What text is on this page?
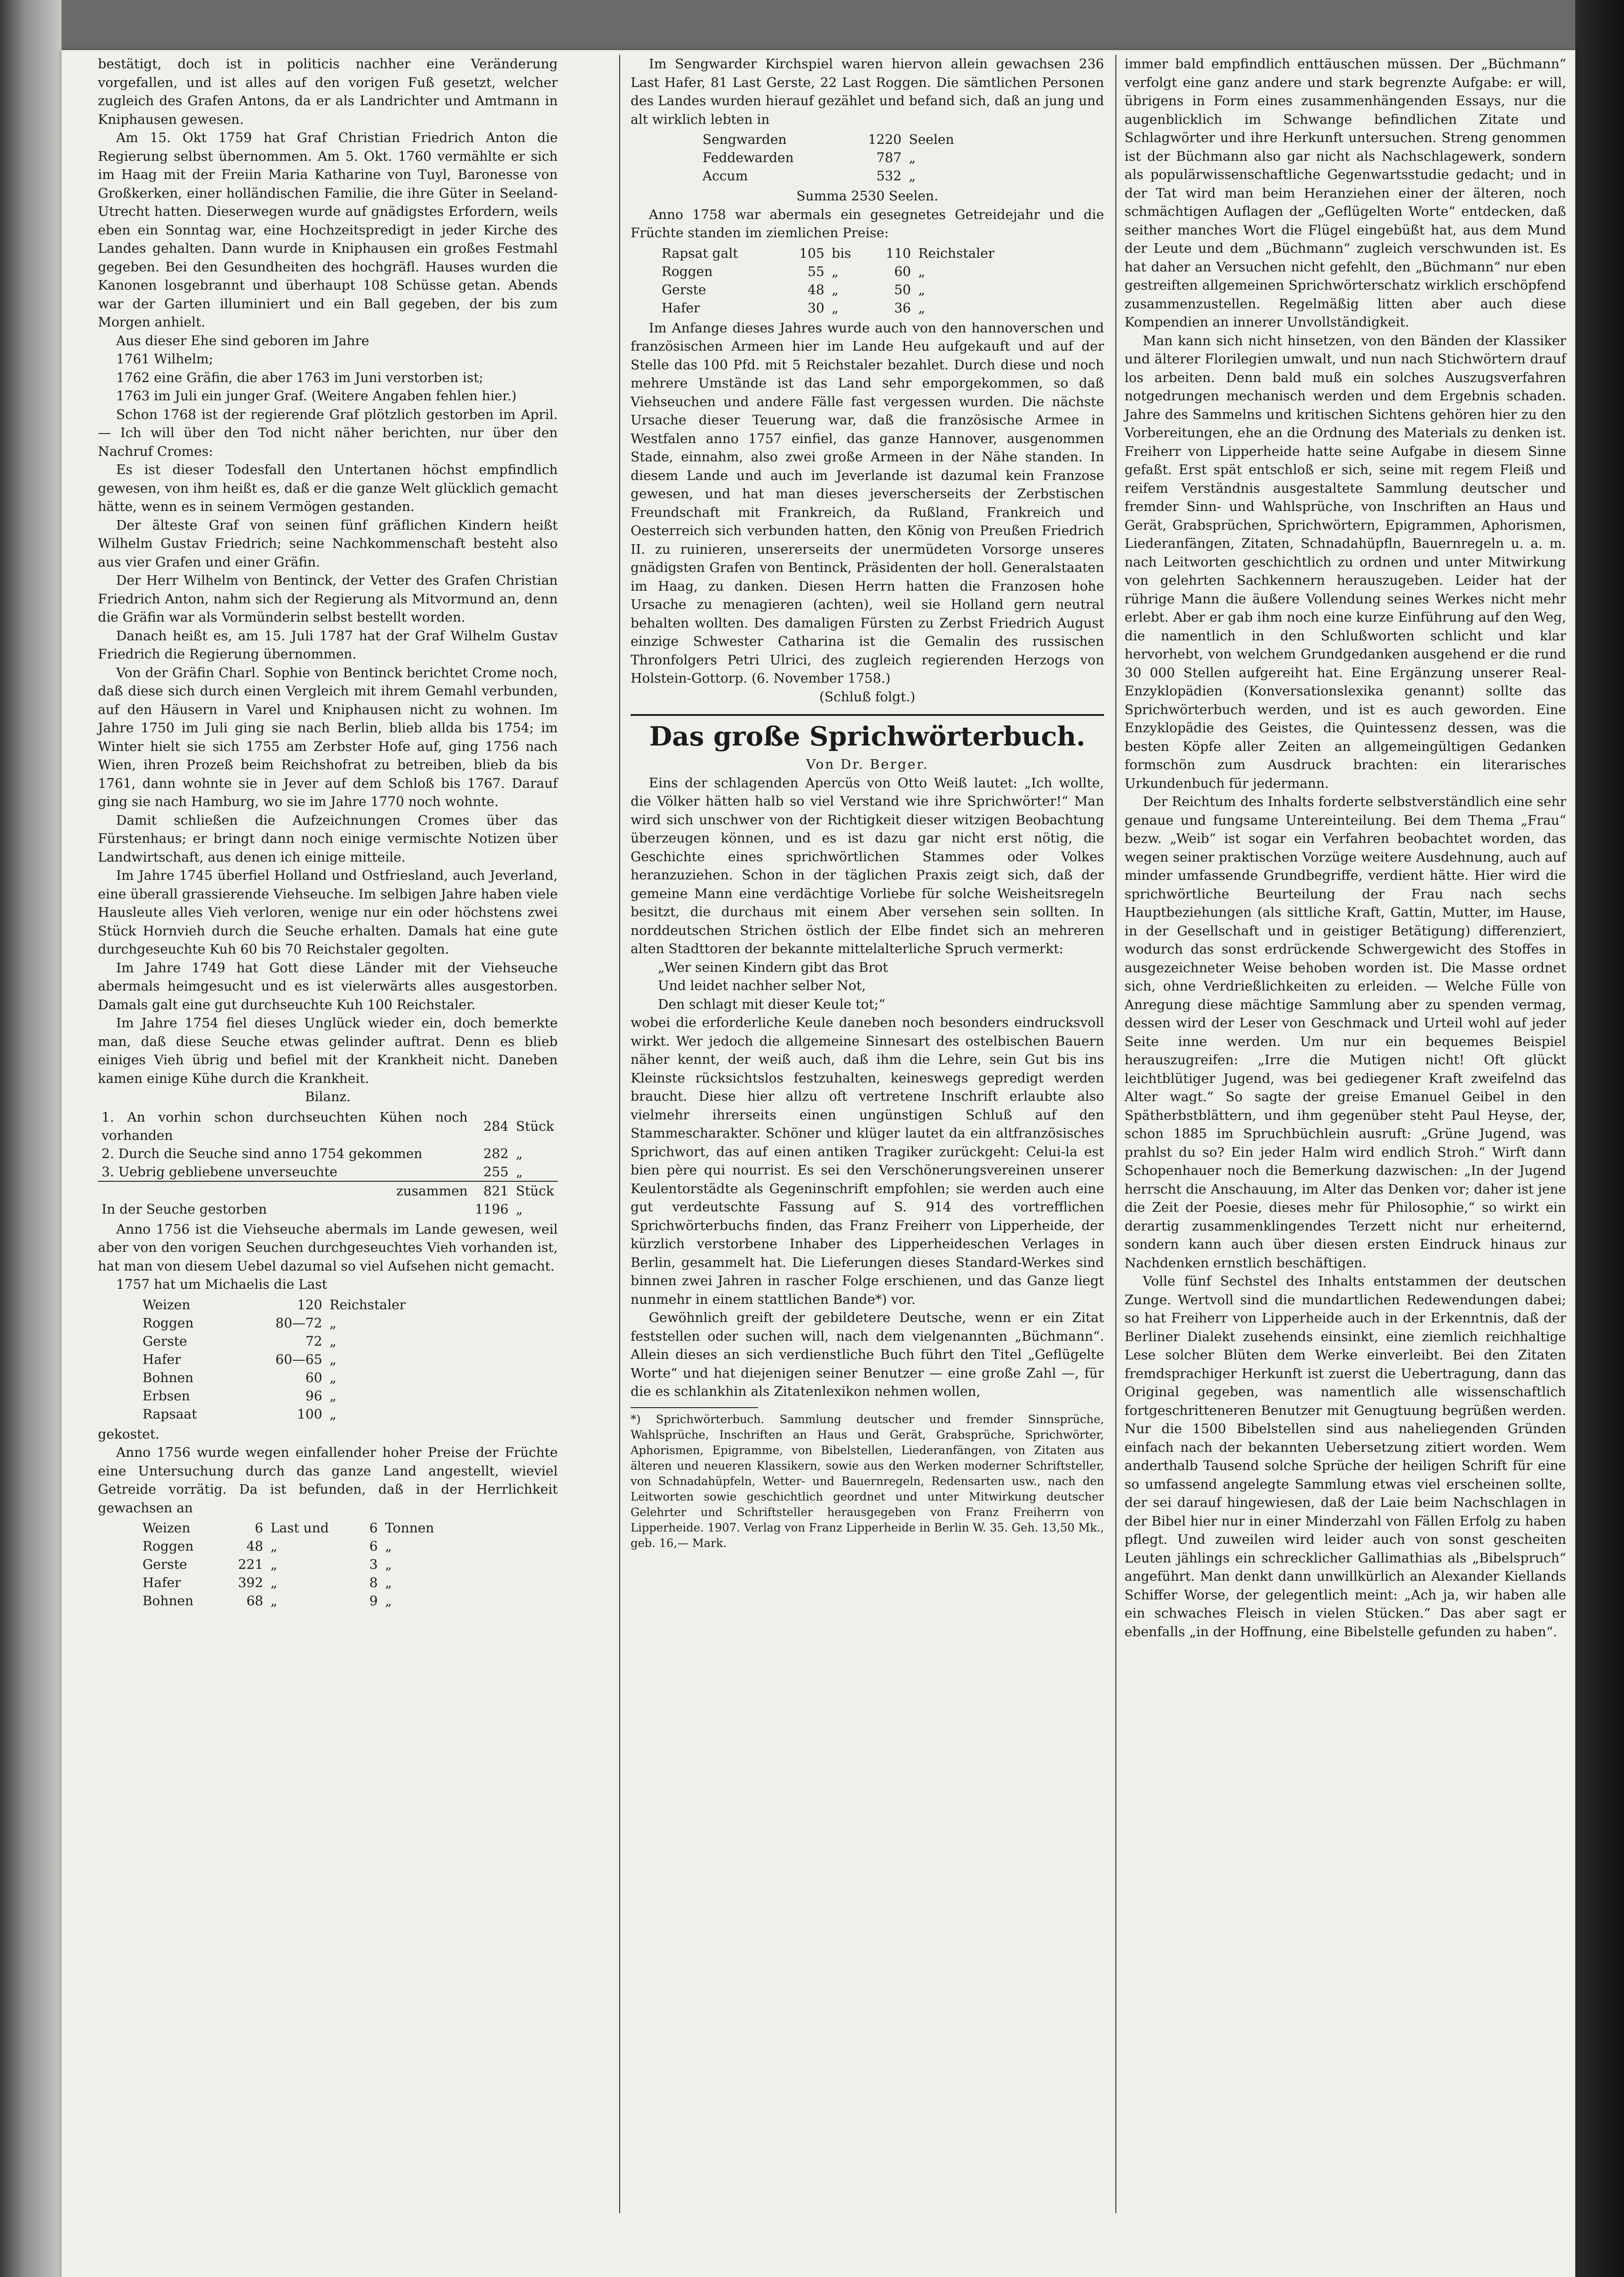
bestätigt, doch ist in politicis nachher eine Veränderung vorgefallen, und ist alles auf den vorigen Fuß gesetzt, welcher zugleich des Grafen Antons, da er als Landrichter und Amtmann in Kniphausen gewesen.

Am 15. Okt 1759 hat Graf Christian Friedrich Anton die Regierung selbst übernommen. Am 5. Okt. 1760 vermählte er sich im Haag mit der Freiin Maria Katharine von Tuyl, Baronesse von Großkerken, einer holländischen Familie, die ihre Güter in Seeland-Utrecht hatten. Dieserwegen wurde auf gnädigstes Erfordern, weils eben ein Sonntag war, eine Hochzeitspredigt in jeder Kirche des Landes gehalten. Dann wurde in Kniphausen ein großes Festmahl gegeben. Bei den Gesundheiten des hochgräfl. Hauses wurden die Kanonen losgebrannt und überhaupt 108 Schüsse getan. Abends war der Garten illuminiert und ein Ball gegeben, der bis zum Morgen anhielt.

Aus dieser Ehe sind geboren im Jahre

1761 Wilhelm;

1762 eine Gräfin, die aber 1763 im Juni verstorben ist;

1763 im Juli ein junger Graf. (Weitere Angaben fehlen hier.)

Schon 1768 ist der regierende Graf plötzlich gestorben im April. — Ich will über den Tod nicht näher berichten, nur über den Nachruf Cromes:

Es ist dieser Todesfall den Untertanen höchst empfindlich gewesen, von ihm heißt es, daß er die ganze Welt glücklich gemacht hätte, wenn es in seinem Vermögen gestanden.

Der älteste Graf von seinen fünf gräflichen Kindern heißt Wilhelm Gustav Friedrich; seine Nachkommenschaft besteht also aus vier Grafen und einer Gräfin.

Der Herr Wilhelm von Bentinck, der Vetter des Grafen Christian Friedrich Anton, nahm sich der Regierung als Mitvormund an, denn die Gräfin war als Vormünderin selbst bestellt worden.

Danach heißt es, am 15. Juli 1787 hat der Graf Wilhelm Gustav Friedrich die Regierung übernommen.

Von der Gräfin Charl. Sophie von Bentinck berichtet Crome noch, daß diese sich durch einen Vergleich mit ihrem Gemahl verbunden, auf den Häusern in Varel und Kniphausen nicht zu wohnen. Im Jahre 1750 im Juli ging sie nach Berlin, blieb allda bis 1754; im Winter hielt sie sich 1755 am Zerbster Hofe auf, ging 1756 nach Wien, ihren Prozeß beim Reichshofrat zu betreiben, blieb da bis 1761, dann wohnte sie in Jever auf dem Schloß bis 1767. Darauf ging sie nach Hamburg, wo sie im Jahre 1770 noch wohnte.

Damit schließen die Aufzeichnungen Cromes über das Fürstenhaus; er bringt dann noch einige vermischte Notizen über Landwirtschaft, aus denen ich einige mitteile.

Im Jahre 1745 überfiel Holland und Ostfriesland, auch Jeverland, eine überall grassierende Viehseuche. Im selbigen Jahre haben viele Hausleute alles Vieh verloren, wenige nur ein oder höchstens zwei Stück Hornvieh durch die Seuche erhalten. Damals hat eine gute durchgeseuchte Kuh 60 bis 70 Reichstaler gegolten.

Im Jahre 1749 hat Gott diese Länder mit der Viehseuche abermals heimgesucht und es ist vielerwärts alles ausgestorben. Damals galt eine gut durchseuchte Kuh 100 Reichstaler.

Im Jahre 1754 fiel dieses Unglück wieder ein, doch bemerkte man, daß diese Seuche etwas gelinder auftrat. Denn es blieb einiges Vieh übrig und befiel mit der Krankheit nicht. Daneben kamen einige Kühe durch die Krankheit.

Bilanz.

1. An vorhin schon durchseuchten Kühen noch vorhanden	284	Stück
2. Durch die Seuche sind anno 1754 gekommen	282	„
3. Uebrig gebliebene unverseuchte	255	„
zusammen	821	Stück
In der Seuche gestorben	1196	„

Anno 1756 ist die Viehseuche abermals im Lande gewesen, weil aber von den vorigen Seuchen durchgeseuchtes Vieh vorhanden ist, hat man von diesem Uebel dazumal so viel Aufsehen nicht gemacht.

1757 hat um Michaelis die Last

Weizen	120	Reichstaler
Roggen	80—72	„
Gerste	72	„
Hafer	60—65	„
Bohnen	60	„
Erbsen	96	„
Rapsaat	100	„

gekostet.

Anno 1756 wurde wegen einfallender hoher Preise der Früchte eine Untersuchung durch das ganze Land angestellt, wieviel Getreide vorrätig. Da ist befunden, daß in der Herrlichkeit gewachsen an

Weizen	6	Last und	6	Tonnen
Roggen	48	„	6	„
Gerste	221	„	3	„
Hafer	392	„	8	„
Bohnen	68	„	9	„

Im Sengwarder Kirchspiel waren hiervon allein gewachsen 236 Last Hafer, 81 Last Gerste, 22 Last Roggen. Die sämtlichen Personen des Landes wurden hierauf gezählet und befand sich, daß an jung und alt wirklich lebten in

Sengwarden	1220	Seelen
Feddewarden	787	„
Accum	532	„

Summa 2530 Seelen.

Anno 1758 war abermals ein gesegnetes Getreidejahr und die Früchte standen im ziemlichen Preise:

Rapsat galt	105	bis	110	Reichstaler
Roggen	55	„	60	„
Gerste	48	„	50	„
Hafer	30	„	36	„

Im Anfange dieses Jahres wurde auch von den hannoverschen und französischen Armeen hier im Lande Heu aufgekauft und auf der Stelle das 100 Pfd. mit 5 Reichstaler bezahlet. Durch diese und noch mehrere Umstände ist das Land sehr emporgekommen, so daß Viehseuchen und andere Fälle fast vergessen wurden. Die nächste Ursache dieser Teuerung war, daß die französische Armee in Westfalen anno 1757 einfiel, das ganze Hannover, ausgenommen Stade, einnahm, also zwei große Armeen in der Nähe standen. In diesem Lande und auch im Jeverlande ist dazumal kein Franzose gewesen, und hat man dieses jeverscherseits der Zerbstischen Freundschaft mit Frankreich, da Rußland, Frankreich und Oesterreich sich verbunden hatten, den König von Preußen Friedrich II. zu ruinieren, unsererseits der unermüdeten Vorsorge unseres gnädigsten Grafen von Bentinck, Präsidenten der holl. Generalstaaten im Haag, zu danken. Diesen Herrn hatten die Franzosen hohe Ursache zu menagieren (achten), weil sie Holland gern neutral behalten wollten. Des damaligen Fürsten zu Zerbst Friedrich August einzige Schwester Catharina ist die Gemalin des russischen Thronfolgers Petri Ulrici, des zugleich regierenden Herzogs von Holstein-Gottorp. (6. November 1758.)

(Schluß folgt.)

Das große Sprichwörterbuch.

Von Dr. Berger.

Eins der schlagenden Apercüs von Otto Weiß lautet: „Ich wollte, die Völker hätten halb so viel Verstand wie ihre Sprichwörter!“ Man wird sich unschwer von der Richtigkeit dieser witzigen Beobachtung überzeugen können, und es ist dazu gar nicht erst nötig, die Geschichte eines sprichwörtlichen Stammes oder Volkes heranzuziehen. Schon in der täglichen Praxis zeigt sich, daß der gemeine Mann eine verdächtige Vorliebe für solche Weisheitsregeln besitzt, die durchaus mit einem Aber versehen sein sollten. In norddeutschen Strichen östlich der Elbe findet sich an mehreren alten Stadttoren der bekannte mittelalterliche Spruch vermerkt:

„Wer seinen Kindern gibt das Brot

Und leidet nachher selber Not,

Den schlagt mit dieser Keule tot;“

wobei die erforderliche Keule daneben noch besonders eindrucksvoll wirkt. Wer jedoch die allgemeine Sinnesart des ostelbischen Bauern näher kennt, der weiß auch, daß ihm die Lehre, sein Gut bis ins Kleinste rücksichtslos festzuhalten, keineswegs gepredigt werden braucht. Diese hier allzu oft vertretene Inschrift erlaubte also vielmehr ihrerseits einen ungünstigen Schluß auf den Stammescharakter. Schöner und klüger lautet da ein altfranzösisches Sprichwort, das auf einen antiken Tragiker zurückgeht: Celui-la est bien père qui nourrist. Es sei den Verschönerungsvereinen unserer Keulentorstädte als Gegeninschrift empfohlen; sie werden auch eine gut verdeutschte Fassung auf S. 914 des vortrefflichen Sprichwörterbuchs finden, das Franz Freiherr von Lipperheide, der kürzlich verstorbene Inhaber des Lipperheideschen Verlages in Berlin, gesammelt hat. Die Lieferungen dieses Standard-Werkes sind binnen zwei Jahren in rascher Folge erschienen, und das Ganze liegt nunmehr in einem stattlichen Bande*) vor.

Gewöhnlich greift der gebildetere Deutsche, wenn er ein Zitat feststellen oder suchen will, nach dem vielgenannten „Büchmann“. Allein dieses an sich verdienstliche Buch führt den Titel „Geflügelte Worte“ und hat diejenigen seiner Benutzer — eine große Zahl —, für die es schlankhin als Zitatenlexikon nehmen wollen,

*) Sprichwörterbuch. Sammlung deutscher und fremder Sinnsprüche, Wahlsprüche, Inschriften an Haus und Gerät, Grabsprüche, Sprichwörter, Aphorismen, Epigramme, von Bibelstellen, Liederanfängen, von Zitaten aus älteren und neueren Klassikern, sowie aus den Werken moderner Schriftsteller, von Schnadahüpfeln, Wetter- und Bauernregeln, Redensarten usw., nach den Leitworten sowie geschichtlich geordnet und unter Mitwirkung deutscher Gelehrter und Schriftsteller herausgegeben von Franz Freiherrn von Lipperheide. 1907. Verlag von Franz Lipperheide in Berlin W. 35. Geh. 13,50 Mk., geb. 16,— Mark.

immer bald empfindlich enttäuschen müssen. Der „Büchmann“ verfolgt eine ganz andere und stark begrenzte Aufgabe: er will, übrigens in Form eines zusammenhängenden Essays, nur die augenblicklich im Schwange befindlichen Zitate und Schlagwörter und ihre Herkunft untersuchen. Streng genommen ist der Büchmann also gar nicht als Nachschlagewerk, sondern als populärwissenschaftliche Gegenwartsstudie gedacht; und in der Tat wird man beim Heranziehen einer der älteren, noch schmächtigen Auflagen der „Geflügelten Worte“ entdecken, daß seither manches Wort die Flügel eingebüßt hat, aus dem Mund der Leute und dem „Büchmann“ zugleich verschwunden ist. Es hat daher an Versuchen nicht gefehlt, den „Büchmann“ nur eben gestreiften allgemeinen Sprichwörterschatz wirklich erschöpfend zusammenzustellen. Regelmäßig litten aber auch diese Kompendien an innerer Unvollständigkeit.

Man kann sich nicht hinsetzen, von den Bänden der Klassiker und älterer Florilegien umwalt, und nun nach Stichwörtern drauf los arbeiten. Denn bald muß ein solches Auszugsverfahren notgedrungen mechanisch werden und dem Ergebnis schaden. Jahre des Sammelns und kritischen Sichtens gehören hier zu den Vorbereitungen, ehe an die Ordnung des Materials zu denken ist. Freiherr von Lipperheide hatte seine Aufgabe in diesem Sinne gefaßt. Erst spät entschloß er sich, seine mit regem Fleiß und reifem Verständnis ausgestaltete Sammlung deutscher und fremder Sinn- und Wahlsprüche, von Inschriften an Haus und Gerät, Grabsprüchen, Sprichwörtern, Epigrammen, Aphorismen, Liederanfängen, Zitaten, Schnadahüpfln, Bauernregeln u. a. m. nach Leitworten geschichtlich zu ordnen und unter Mitwirkung von gelehrten Sachkennern herauszugeben. Leider hat der rührige Mann die äußere Vollendung seines Werkes nicht mehr erlebt. Aber er gab ihm noch eine kurze Einführung auf den Weg, die namentlich in den Schlußworten schlicht und klar hervorhebt, von welchem Grundgedanken ausgehend er die rund 30 000 Stellen aufgereiht hat. Eine Ergänzung unserer Real-Enzyklopädien (Konversationslexika genannt) sollte das Sprichwörterbuch werden, und ist es auch geworden. Eine Enzyklopädie des Geistes, die Quintessenz dessen, was die besten Köpfe aller Zeiten an allgemeingültigen Gedanken formschön zum Ausdruck brachten: ein literarisches Urkundenbuch für jedermann.

Der Reichtum des Inhalts forderte selbstverständlich eine sehr genaue und fungsame Untereinteilung. Bei dem Thema „Frau“ bezw. „Weib“ ist sogar ein Verfahren beobachtet worden, das wegen seiner praktischen Vorzüge weitere Ausdehnung, auch auf minder umfassende Grundbegriffe, verdient hätte. Hier wird die sprichwörtliche Beurteilung der Frau nach sechs Hauptbeziehungen (als sittliche Kraft, Gattin, Mutter, im Hause, in der Gesellschaft und in geistiger Betätigung) differenziert, wodurch das sonst erdrückende Schwergewicht des Stoffes in ausgezeichneter Weise behoben worden ist. Die Masse ordnet sich, ohne Verdrießlichkeiten zu erleiden. — Welche Fülle von Anregung diese mächtige Sammlung aber zu spenden vermag, dessen wird der Leser von Geschmack und Urteil wohl auf jeder Seite inne werden. Um nur ein bequemes Beispiel herauszugreifen: „Irre die Mutigen nicht! Oft glückt leichtblütiger Jugend, was bei gediegener Kraft zweifelnd das Alter wagt.“ So sagte der greise Emanuel Geibel in den Spätherbstblättern, und ihm gegenüber steht Paul Heyse, der, schon 1885 im Spruchbüchlein ausruft: „Grüne Jugend, was prahlst du so? Ein jeder Halm wird endlich Stroh.“ Wirft dann Schopenhauer noch die Bemerkung dazwischen: „In der Jugend herrscht die Anschauung, im Alter das Denken vor; daher ist jene die Zeit der Poesie, dieses mehr für Philosophie,“ so wirkt ein derartig zusammenklingendes Terzett nicht nur erheiternd, sondern kann auch über diesen ersten Eindruck hinaus zur Nachdenken ernstlich beschäftigen.

Volle fünf Sechstel des Inhalts entstammen der deutschen Zunge. Wertvoll sind die mundartlichen Redewendungen dabei; so hat Freiherr von Lipperheide auch in der Erkenntnis, daß der Berliner Dialekt zusehends einsinkt, eine ziemlich reichhaltige Lese solcher Blüten dem Werke einverleibt. Bei den Zitaten fremdsprachiger Herkunft ist zuerst die Uebertragung, dann das Original gegeben, was namentlich alle wissenschaftlich fortgeschritteneren Benutzer mit Genugtuung begrüßen werden. Nur die 1500 Bibelstellen sind aus naheliegenden Gründen einfach nach der bekannten Uebersetzung zitiert worden. Wem anderthalb Tausend solche Sprüche der heiligen Schrift für eine so umfassend angelegte Sammlung etwas viel erscheinen sollte, der sei darauf hingewiesen, daß der Laie beim Nachschlagen in der Bibel hier nur in einer Minderzahl von Fällen Erfolg zu haben pflegt. Und zuweilen wird leider auch von sonst gescheiten Leuten jählings ein schrecklicher Gallimathias als „Bibelspruch“ angeführt. Man denkt dann unwillkürlich an Alexander Kiellands Schiffer Worse, der gelegentlich meint: „Ach ja, wir haben alle ein schwaches Fleisch in vielen Stücken.“ Das aber sagt er ebenfalls „in der Hoffnung, eine Bibelstelle gefunden zu haben“.
